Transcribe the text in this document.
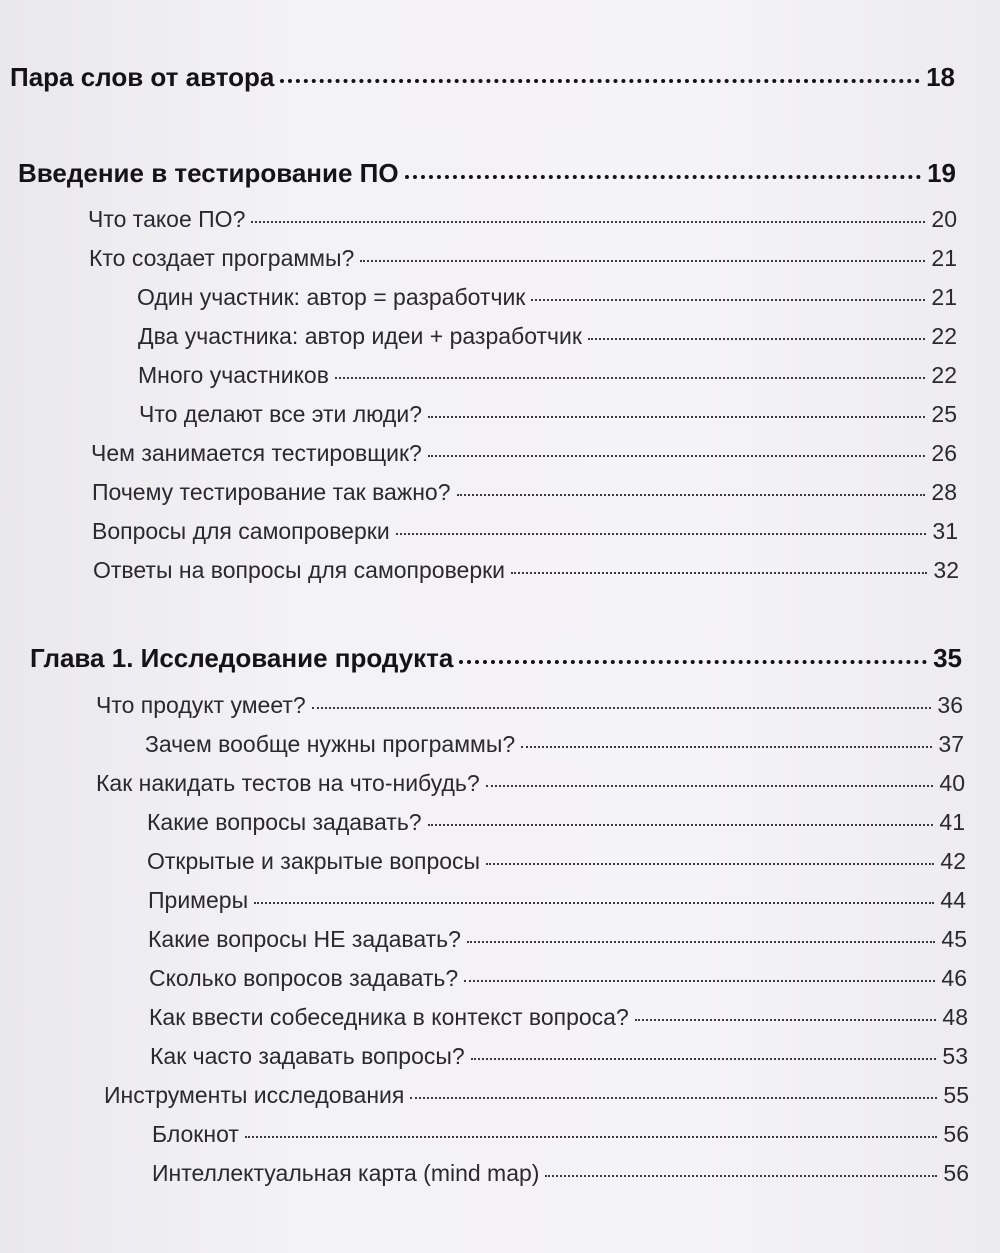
Пара слов от автора	18
Введение в тестирование ПО	19
Что такое ПО?	20
Кто создает программы?	21
Один участник: автор = разработчик	21
Два участника: автор идеи + разработчик	22
Много участников	22
Что делают все эти люди?	25
Чем занимается тестировщик?	26
Почему тестирование так важно?	28
Вопросы для самопроверки	31
Ответы на вопросы для самопроверки	32
Глава 1. Исследование продукта	35
Что продукт умеет?	36
Зачем вообще нужны программы?	37
Как накидать тестов на что-нибудь?	40
Какие вопросы задавать?	41
Открытые и закрытые вопросы	42
Примеры	44
Какие вопросы НЕ задавать?	45
Сколько вопросов задавать?	46
Как ввести собеседника в контекст вопроса?	48
Как часто задавать вопросы?	53
Инструменты исследования	55
Блокнот	56
Интеллектуальная карта (mind map)	56
